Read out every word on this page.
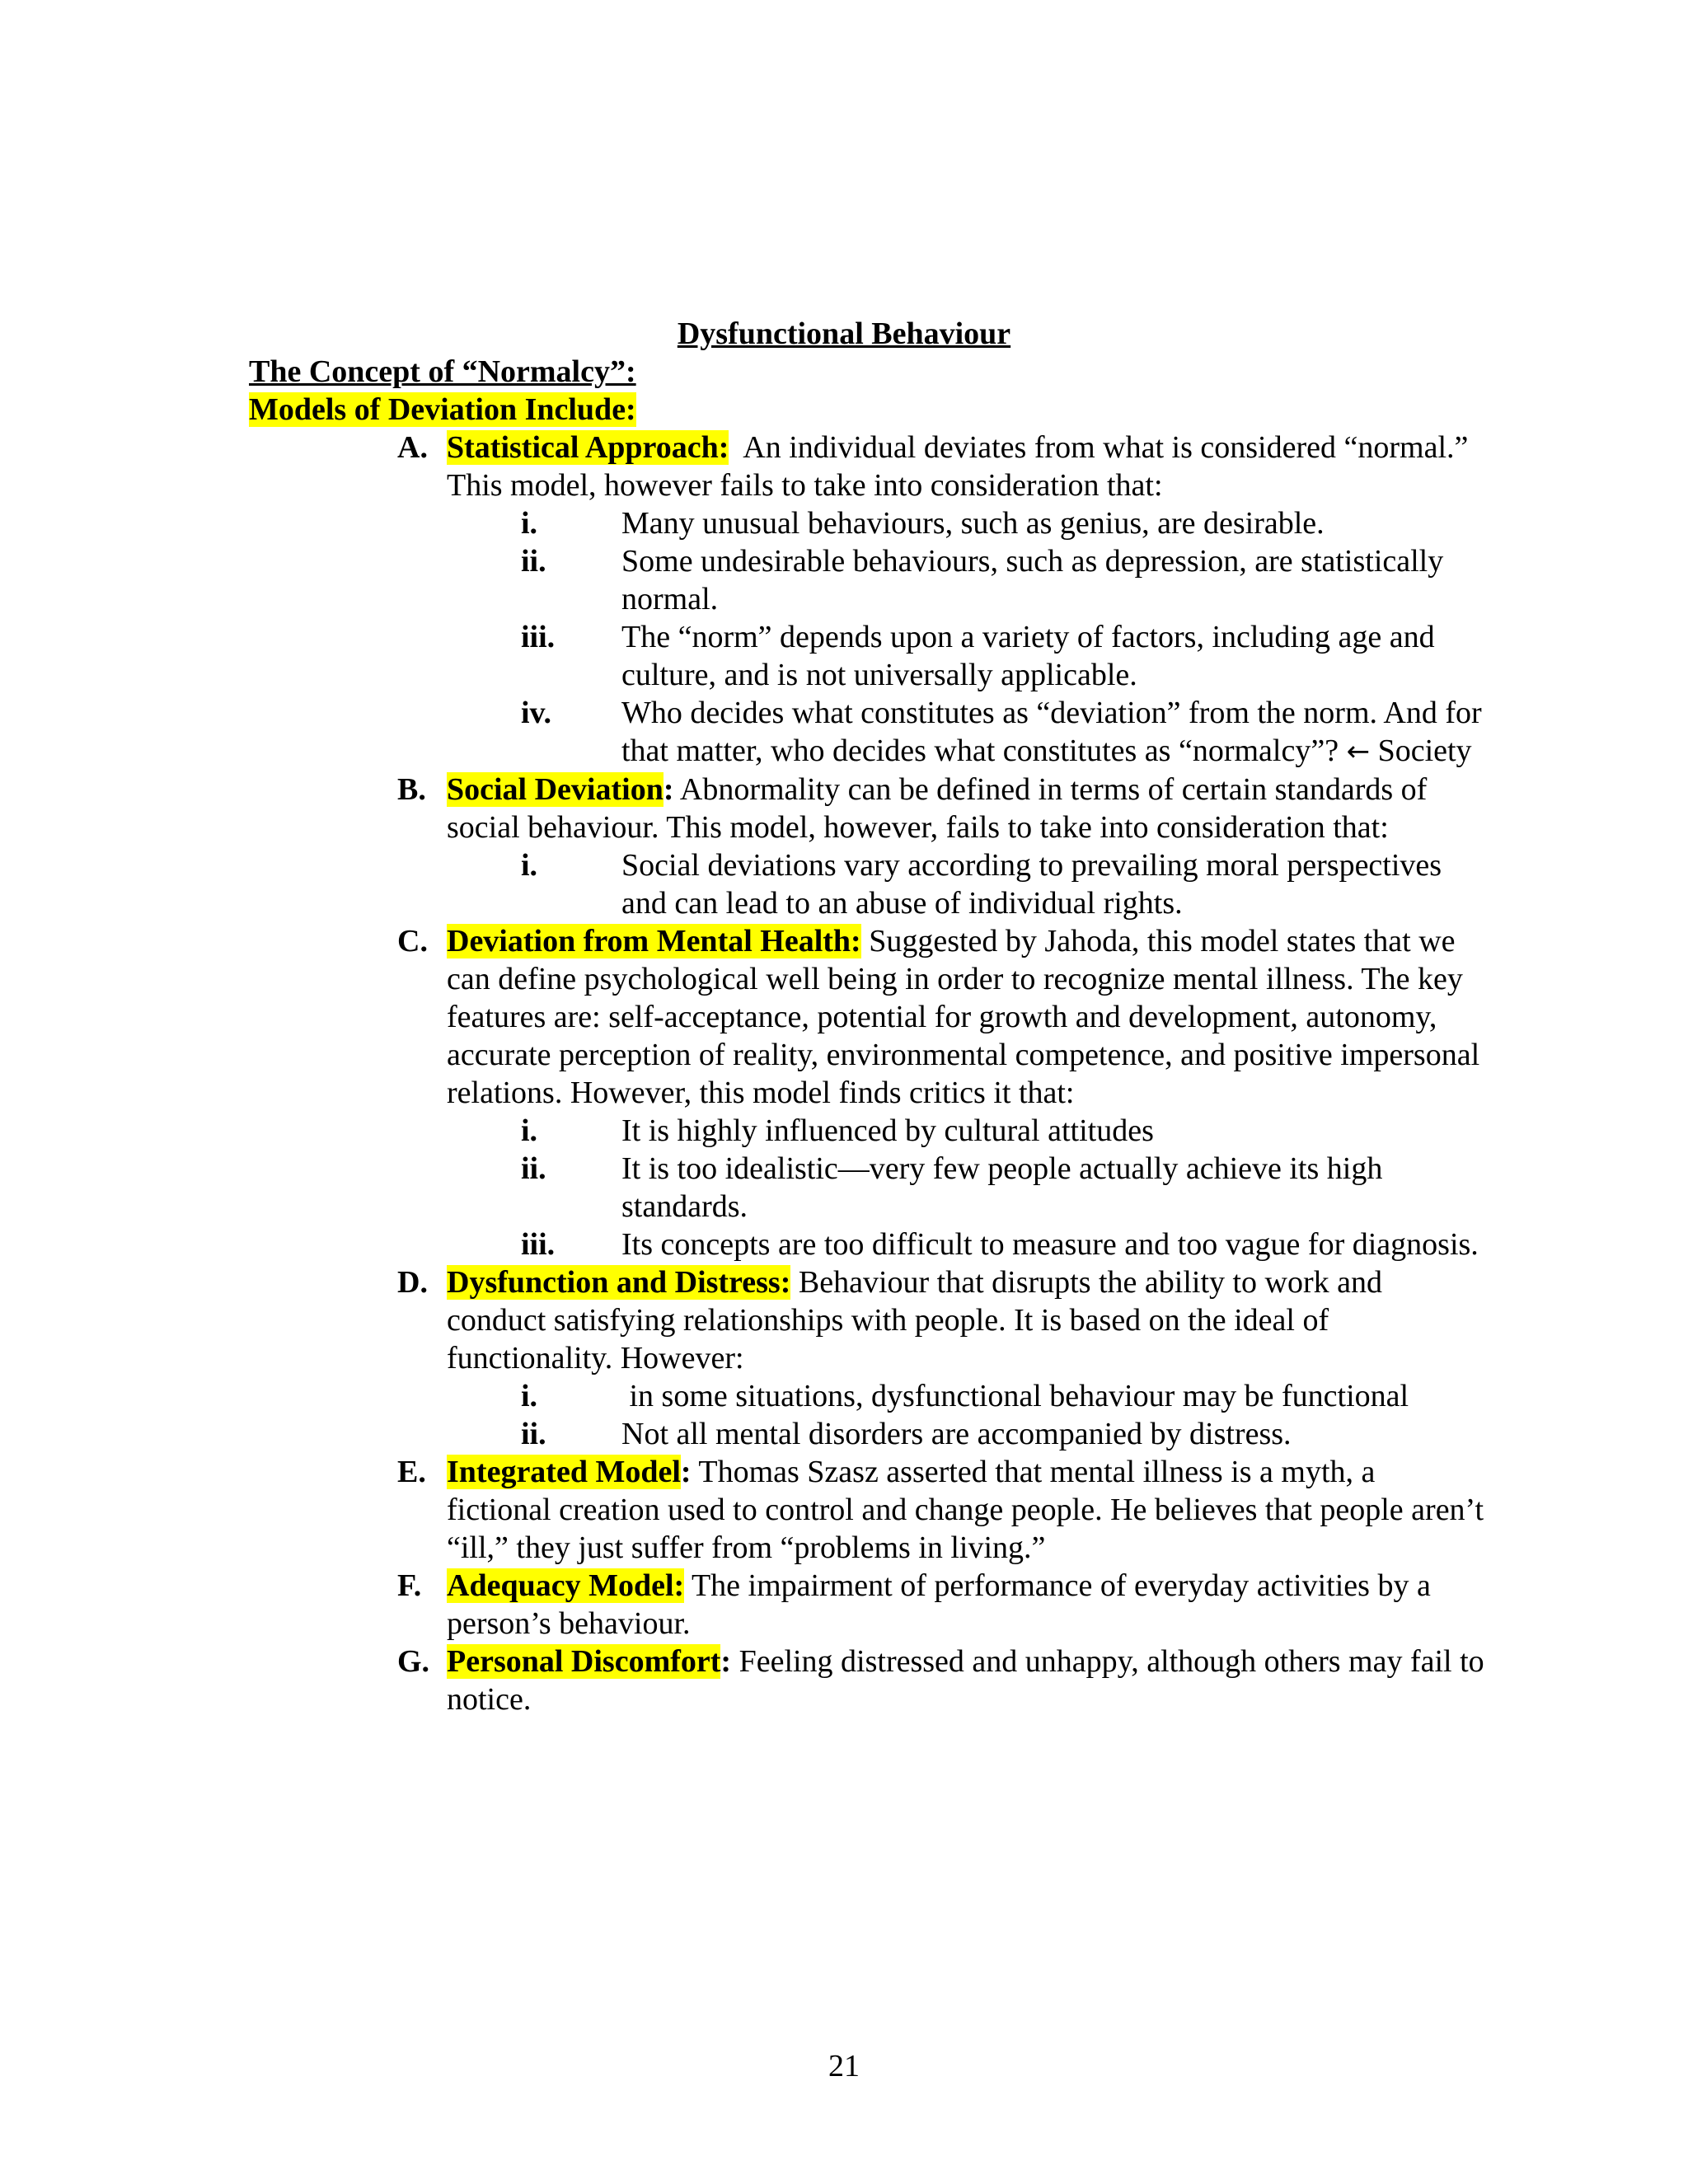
Dysfunctional Behaviour
The Concept of “Normalcy”:
Models of Deviation Include:
A. Statistical Approach:  An individual deviates from what is considered “normal.” This model, however fails to take into consideration that:
i.	Many unusual behaviours, such as genius, are desirable.
ii. Some undesirable behaviours, such as depression, are statistically normal.
iii. The “norm” depends upon a variety of factors, including age and culture, and is not universally applicable.
iv. Who decides what constitutes as “deviation” from the norm. And for that matter, who decides what constitutes as “normalcy”? ← Society
B. Social Deviation: Abnormality can be defined in terms of certain standards of social behaviour. This model, however, fails to take into consideration that:
i.	Social deviations vary according to prevailing moral perspectives and can lead to an abuse of individual rights.
C. Deviation from Mental Health: Suggested by Jahoda, this model states that we can define psychological well being in order to recognize mental illness. The key features are: self-acceptance, potential for growth and development, autonomy, accurate perception of reality, environmental competence, and positive impersonal relations. However, this model finds critics it that:
i.	It is highly influenced by cultural attitudes
ii. It is too idealistic—very few people actually achieve its high standards.
iii. Its concepts are too difficult to measure and too vague for diagnosis.
D. Dysfunction and Distress: Behaviour that disrupts the ability to work and conduct satisfying relationships with people. It is based on the ideal of functionality. However:
i.	in some situations, dysfunctional behaviour may be functional
ii. Not all mental disorders are accompanied by distress.
E. Integrated Model: Thomas Szasz asserted that mental illness is a myth, a fictional creation used to control and change people. He believes that people aren’t “ill,” they just suffer from “problems in living.”
F. Adequacy Model: The impairment of performance of everyday activities by a person’s behaviour.
G. Personal Discomfort: Feeling distressed and unhappy, although others may fail to notice.
21
